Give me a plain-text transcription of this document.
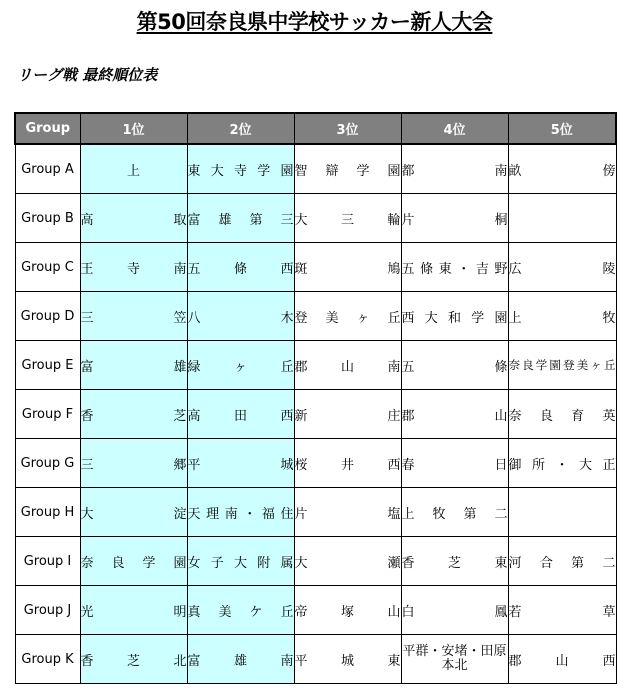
第50回奈良県中学校サッカー新人大会
リーグ戦 最終順位表
Group	1位	2位	3位	4位	5位
Group A	上	東大寺学園	智辯学園	都南	畝傍
Group B	高取	富雄第三	大三輪	片桐	
Group C	王寺南	五條西	斑鳩	五條東・吉野	広陵
Group D	三笠	八木	登美ヶ丘	西大和学園	上牧
Group E	富雄	緑ヶ丘	郡山南	五條	奈良学園登美ヶ丘
Group F	香芝	高田西	新庄	郡山	奈良育英
Group G	三郷	平城	桜井西	春日	御所・大正
Group H	大淀	天理南・福住	片塩	上牧第二	
Group I	奈良学園	女子大附属	大瀬	香芝東	河合第二
Group J	光明	真美ケ丘	帝塚山	白鳳	若草
Group K	香芝北	富雄南	平城東	平群・安堵・田原本北	郡山西
